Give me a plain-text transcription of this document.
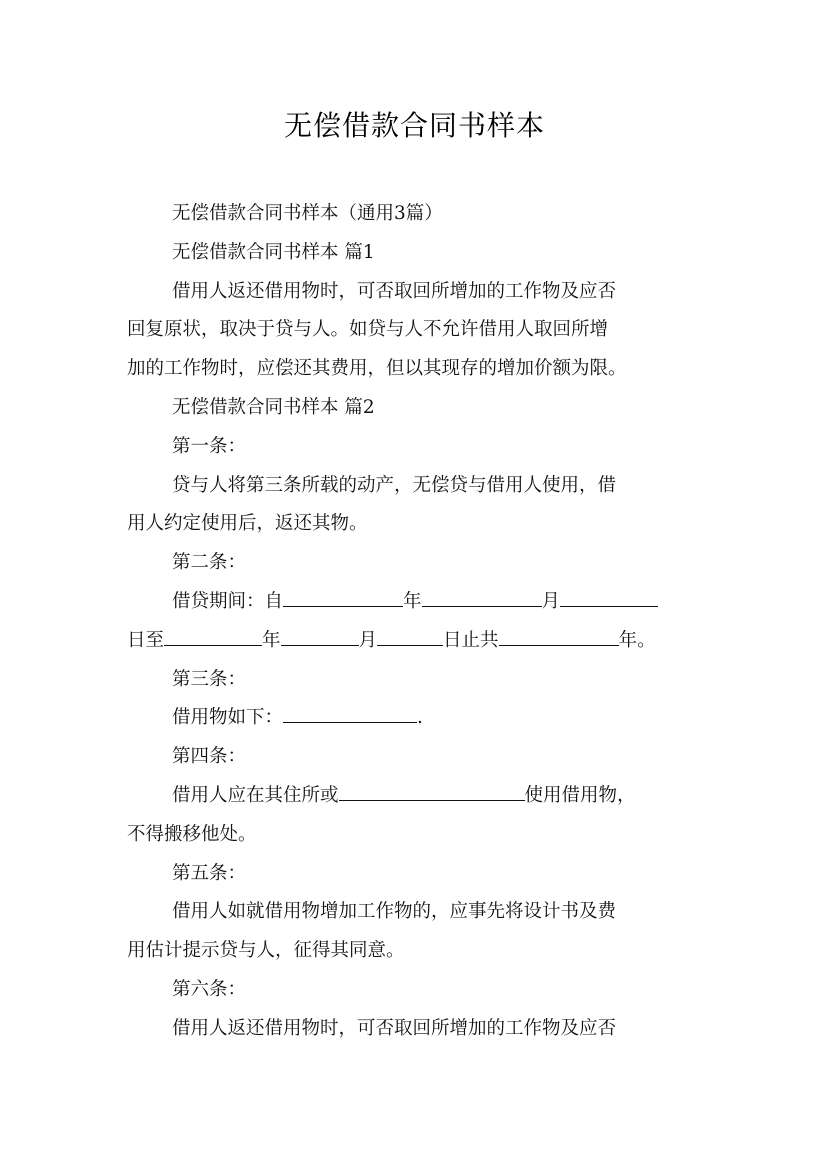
无偿借款合同书样本
无偿借款合同书样本（通用3篇）
无偿借款合同书样本 篇1
借用人返还借用物时，可否取回所增加的工作物及应否
回复原状，取决于贷与人。如贷与人不允许借用人取回所增
加的工作物时，应偿还其费用，但以其现存的增加价额为限。
无偿借款合同书样本 篇2
第一条：
贷与人将第三条所载的动产，无偿贷与借用人使用，借
用人约定使用后，返还其物。
第二条：
借贷期间：自	年	月
日至	年	月	日止共	年。
第三条：
借用物如下：	.
第四条：
借用人应在其住所或	使用借用物，
不得搬移他处。
第五条：
借用人如就借用物增加工作物的，应事先将设计书及费
用估计提示贷与人，征得其同意。
第六条：
借用人返还借用物时，可否取回所增加的工作物及应否
